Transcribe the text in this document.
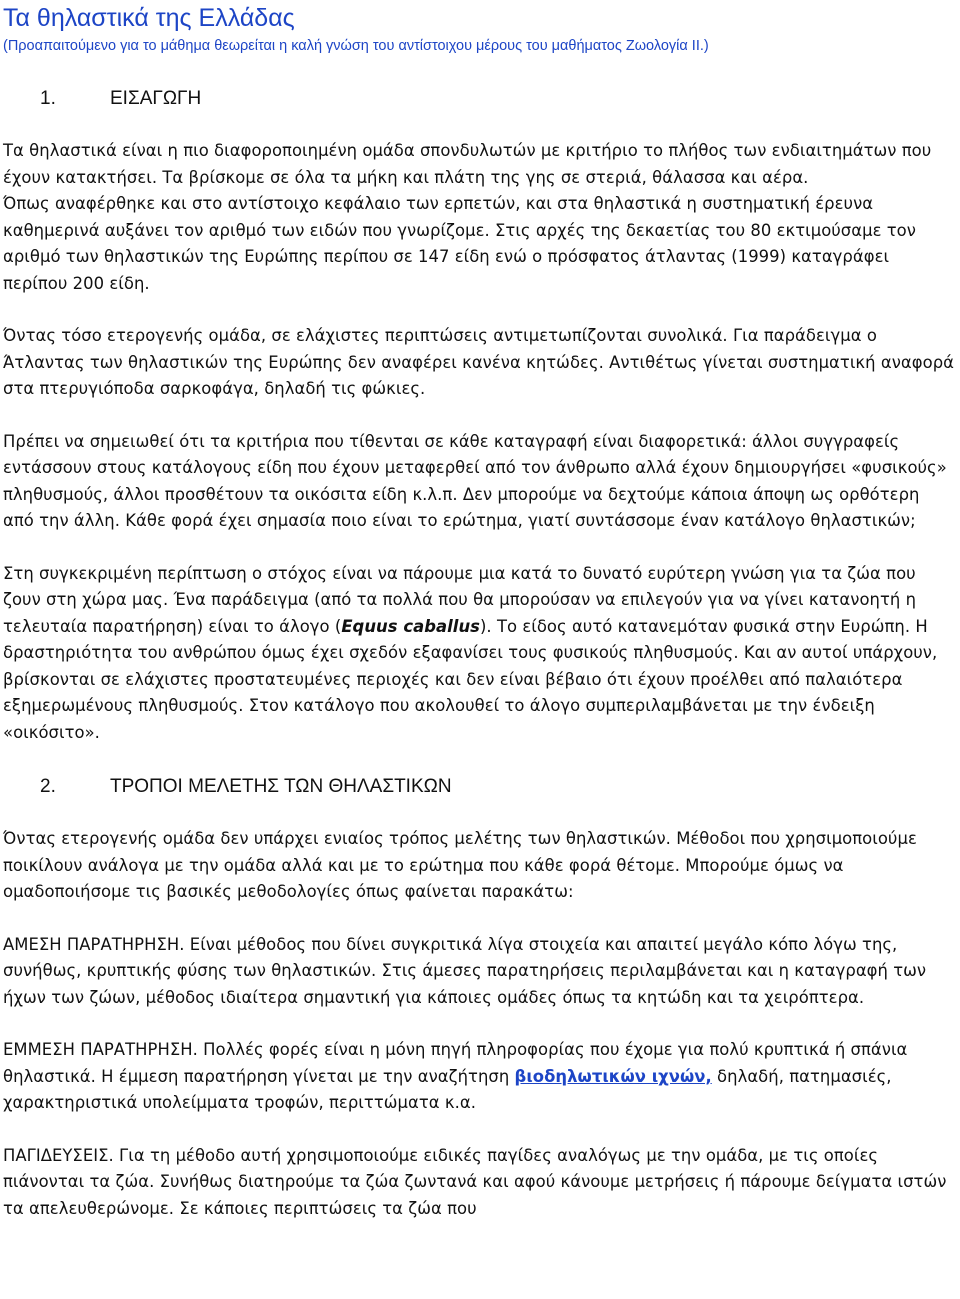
Τα θηλαστικά της Ελλάδας
(Προαπαιτούμενο για το μάθημα θεωρείται η καλή γνώση του αντίστοιχου μέρους του μαθήματος Ζωολογία ΙΙ.)
1.	ΕΙΣΑΓΩΓΗ

Τα θηλαστικά είναι η πιο διαφοροποιημένη ομάδα σπονδυλωτών με κριτήριο το πλήθος των ενδιαιτημάτων που έχουν κατακτήσει. Τα βρίσκομε σε όλα τα μήκη και πλάτη της γης σε στεριά, θάλασσα και αέρα.

Όπως αναφέρθηκε και στο αντίστοιχο κεφάλαιο των ερπετών, και στα θηλαστικά η συστηματική έρευνα καθημερινά αυξάνει τον αριθμό των ειδών που γνωρίζομε. Στις αρχές της δεκαετίας του 80 εκτιμούσαμε τον αριθμό των θηλαστικών της Ευρώπης περίπου σε 147 είδη ενώ ο πρόσφατος άτλαντας (1999) καταγράφει περίπου 200 είδη.

Όντας τόσο ετερογενής ομάδα, σε ελάχιστες περιπτώσεις αντιμετωπίζονται συνολικά. Για παράδειγμα ο Άτλαντας των θηλαστικών της Ευρώπης δεν αναφέρει κανένα κητώδες. Αντιθέτως γίνεται συστηματική αναφορά στα πτερυγιόποδα σαρκοφάγα, δηλαδή τις φώκιες.

Πρέπει να σημειωθεί ότι τα κριτήρια που τίθενται σε κάθε καταγραφή είναι διαφορετικά: άλλοι συγγραφείς εντάσσουν στους κατάλογους είδη που έχουν μεταφερθεί από τον άνθρωπο αλλά έχουν δημιουργήσει «φυσικούς» πληθυσμούς, άλλοι προσθέτουν τα οικόσιτα είδη κ.λ.π. Δεν μπορούμε να δεχτούμε κάποια άποψη ως ορθότερη από την άλλη. Κάθε φορά έχει σημασία ποιο είναι το ερώτημα, γιατί συντάσσομε έναν κατάλογο θηλαστικών;

Στη συγκεκριμένη περίπτωση ο στόχος είναι να πάρουμε μια κατά το δυνατό ευρύτερη γνώση για τα ζώα που ζουν στη χώρα μας. Ένα παράδειγμα (από τα πολλά που θα μπορούσαν να επιλεγούν για να γίνει κατανοητή η τελευταία παρατήρηση) είναι το άλογο (Equus caballus). Το είδος αυτό κατανεμόταν φυσικά στην Ευρώπη. Η δραστηριότητα του ανθρώπου όμως έχει σχεδόν εξαφανίσει τους φυσικούς πληθυσμούς. Και αν αυτοί υπάρχουν, βρίσκονται σε ελάχιστες προστατευμένες περιοχές και δεν είναι βέβαιο ότι έχουν προέλθει από παλαιότερα εξημερωμένους πληθυσμούς. Στον κατάλογο που ακολουθεί το άλογο συμπεριλαμβάνεται με την ένδειξη «οικόσιτο».

2.	ΤΡΟΠΟΙ ΜΕΛΕΤΗΣ ΤΩΝ ΘΗΛΑΣΤΙΚΩΝ

Όντας ετερογενής ομάδα δεν υπάρχει ενιαίος τρόπος μελέτης των θηλαστικών. Μέθοδοι που χρησιμοποιούμε ποικίλουν ανάλογα με την ομάδα αλλά και με το ερώτημα που κάθε φορά θέτομε. Μπορούμε όμως να ομαδοποιήσομε τις βασικές μεθοδολογίες όπως φαίνεται παρακάτω:

ΑΜΕΣΗ ΠΑΡΑΤΗΡΗΣΗ. Είναι μέθοδος που δίνει συγκριτικά λίγα στοιχεία και απαιτεί μεγάλο κόπο λόγω της, συνήθως, κρυπτικής φύσης των θηλαστικών. Στις άμεσες παρατηρήσεις περιλαμβάνεται και η καταγραφή των ήχων των ζώων, μέθοδος ιδιαίτερα σημαντική για κάποιες ομάδες όπως τα κητώδη και τα χειρόπτερα.

ΕΜΜΕΣΗ ΠΑΡΑΤΗΡΗΣΗ. Πολλές φορές είναι η μόνη πηγή πληροφορίας που έχομε για πολύ κρυπτικά ή σπάνια θηλαστικά. Η έμμεση παρατήρηση γίνεται με την αναζήτηση βιοδηλωτικών ιχνών, δηλαδή, πατημασιές, χαρακτηριστικά υπολείμματα τροφών, περιττώματα κ.α.

ΠΑΓΙΔΕΥΣΕΙΣ. Για τη μέθοδο αυτή χρησιμοποιούμε ειδικές παγίδες αναλόγως με την ομάδα, με τις οποίες πιάνονται τα ζώα. Συνήθως διατηρούμε τα ζώα ζωντανά και αφού κάνουμε μετρήσεις ή πάρουμε δείγματα ιστών τα απελευθερώνομε. Σε κάποιες περιπτώσεις τα ζώα που
